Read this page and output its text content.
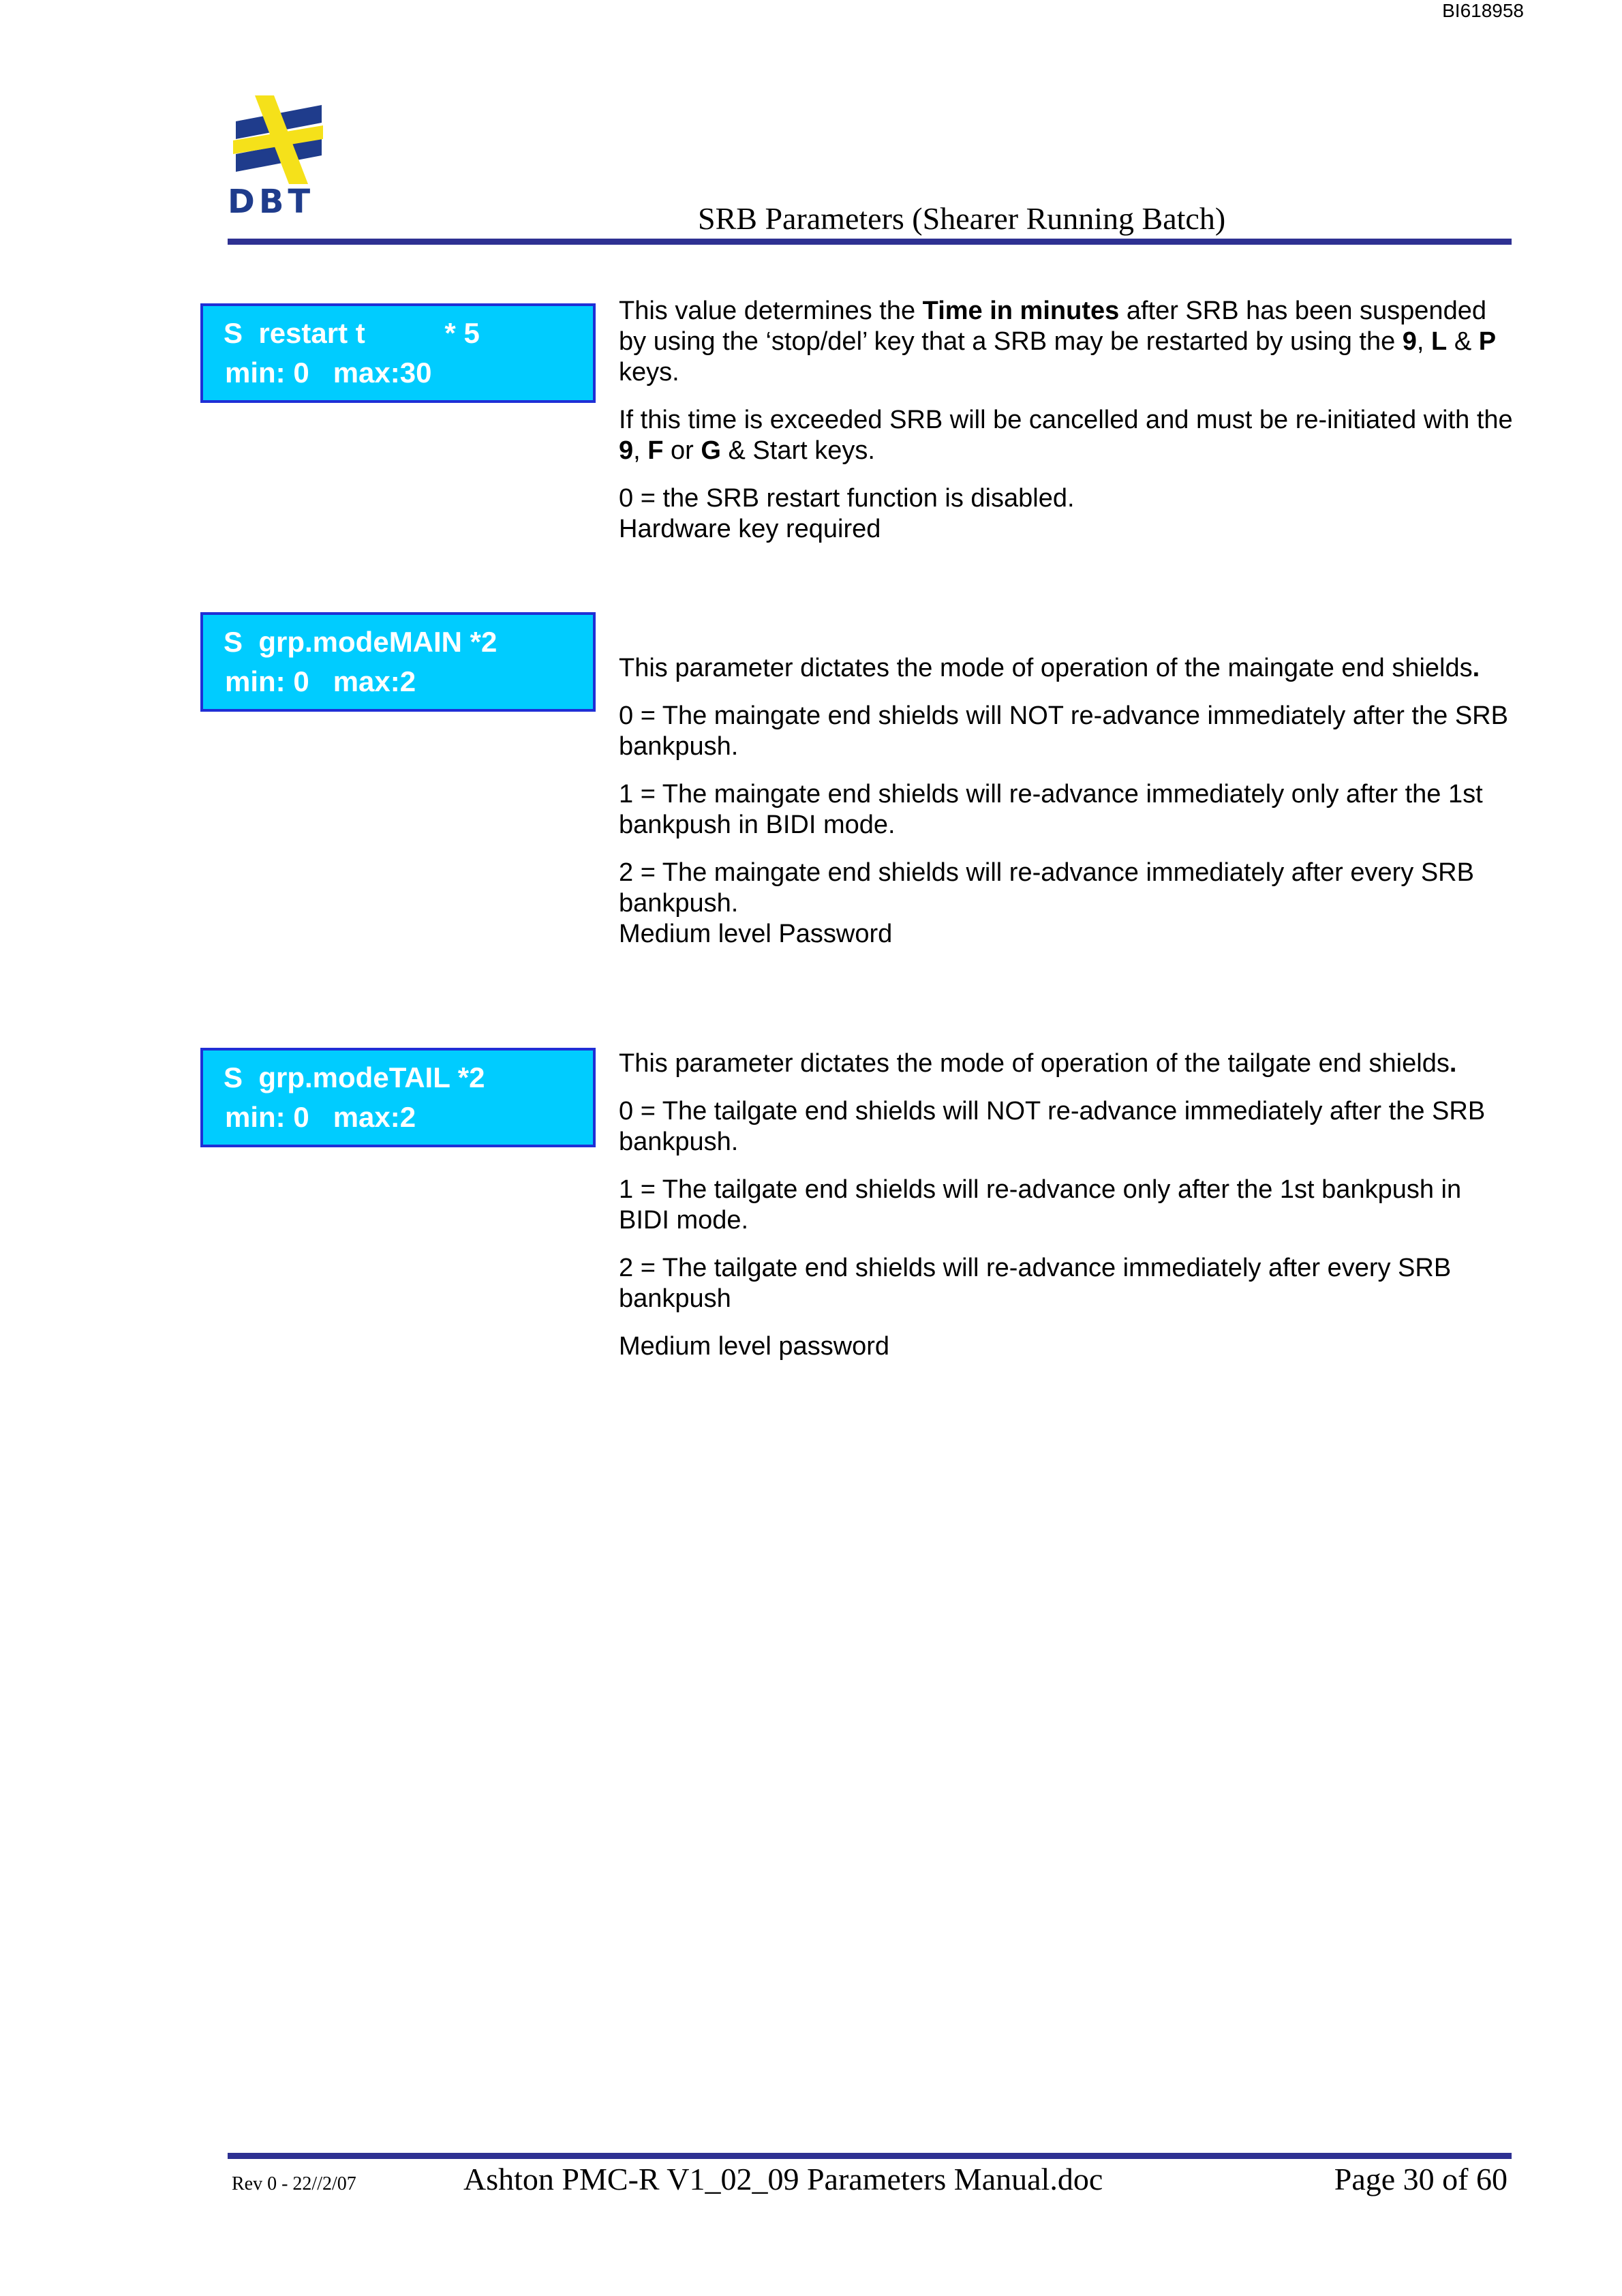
BI618958
DBT	SRB Parameters (Shearer Running Batch)
S  restart t          * 5
min: 0   max:30

This value determines the Time in minutes after SRB has been suspended by using the ‘stop/del’ key that a SRB may be restarted by using the 9, L & P keys.

If this time is exceeded SRB will be cancelled and must be re-initiated with the 9, F or G & Start keys.

0 = the SRB restart function is disabled.

Hardware key required

S  grp.modeMAIN *2
min: 0   max:2	This parameter dictates the mode of operation of the maingate end shields.

0 = The maingate end shields will NOT re-advance immediately after the SRB bankpush.

1 = The maingate end shields will re-advance immediately only after the 1st bankpush in BIDI mode.

2 = The maingate end shields will re-advance immediately after every SRB bankpush.

Medium level Password

S  grp.modeTAIL *2
min: 0   max:2

This parameter dictates the mode of operation of the tailgate end shields.

0 = The tailgate end shields will NOT re-advance immediately after the SRB bankpush.

1 = The tailgate end shields will re-advance only after the 1st bankpush in BIDI mode.

2 = The tailgate end shields will re-advance immediately after every SRB bankpush

Medium level password

Rev 0 - 22//2/07	Ashton PMC-R V1_02_09 Parameters Manual.doc	Page 30 of 60
